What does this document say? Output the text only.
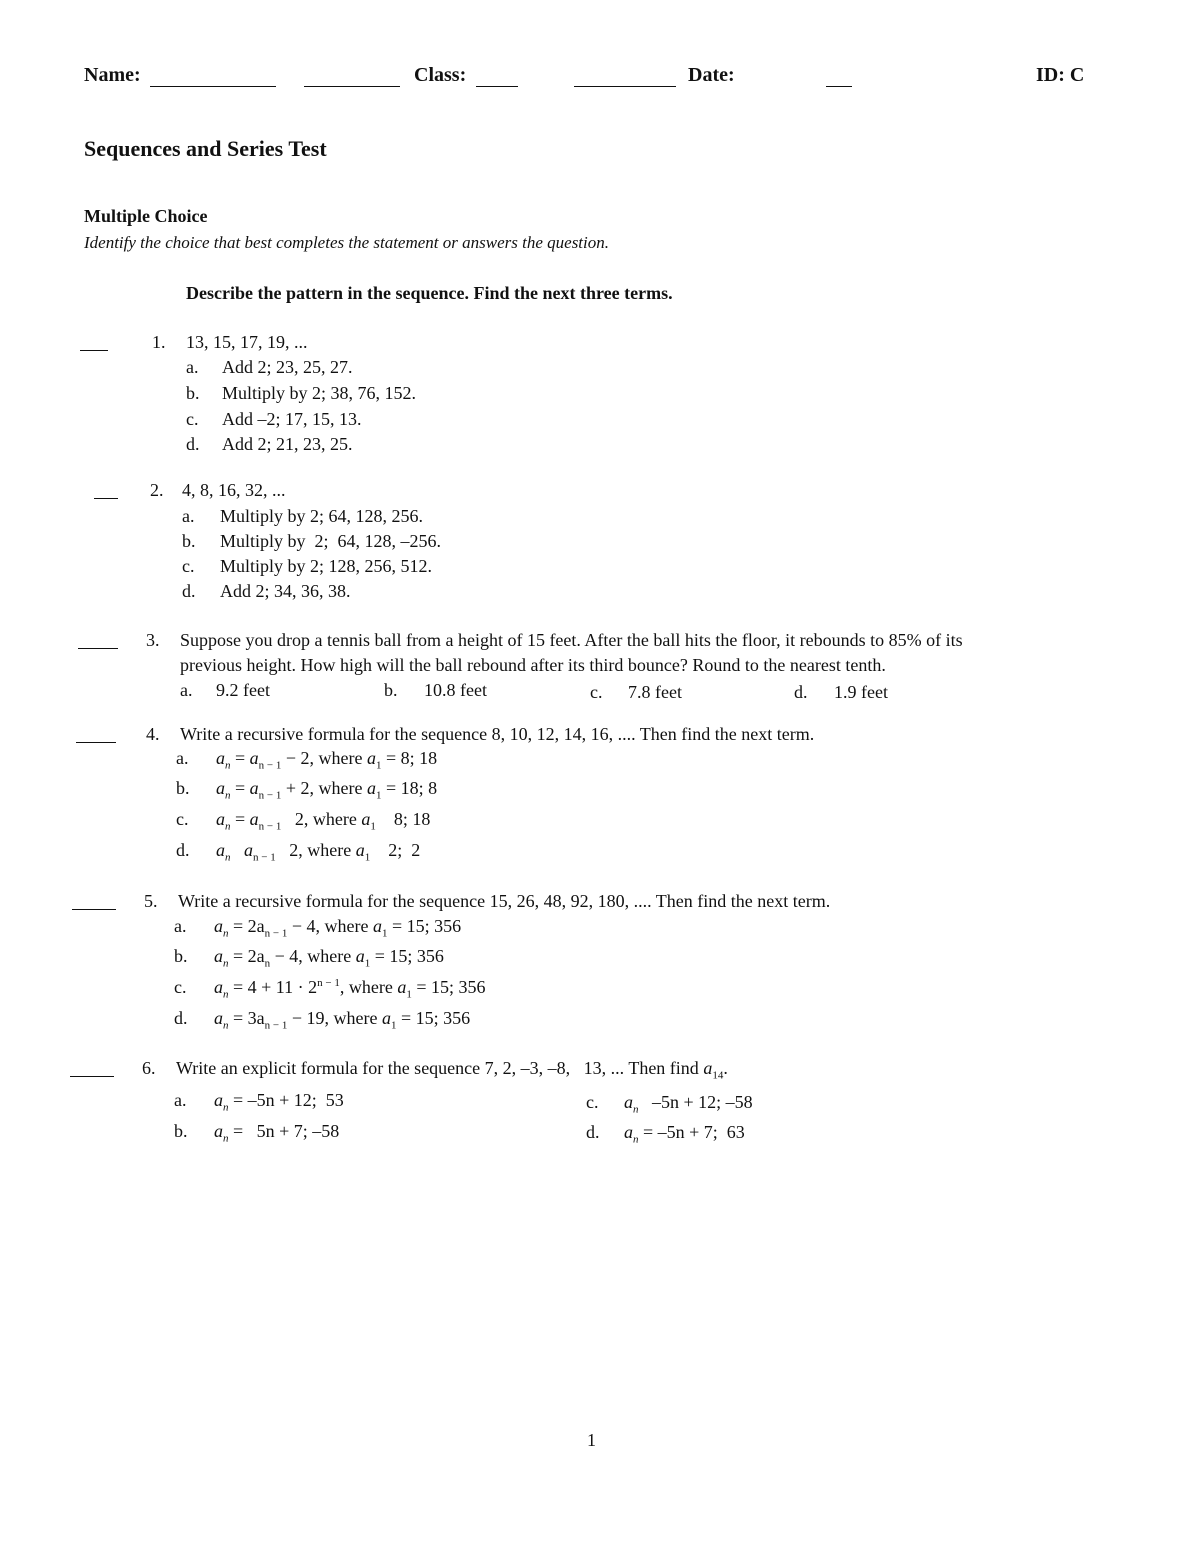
Name:
	Class:
	Date:	ID: C
Sequences and Series Test
Multiple Choice
Identify the choice that best completes the statement or answers the question.
Describe the pattern in the sequence. Find the next three terms.
1. 13, 15, 17, 19, ...
a. Add 2; 23, 25, 27.
b. Multiply by 2; 38, 76, 152.
c. Add –2; 17, 15, 13.
d. Add 2; 21, 23, 25.
2. 4, 8, 16, 32, ...
a. Multiply by 2; 64, 128, 256.
b. Multiply by  2;  64, 128, –256.
c. Multiply by 2; 128, 256, 512.
d. Add 2; 34, 36, 38.
3. Suppose you drop a tennis ball from a height of 15 feet. After the ball hits the floor, it rebounds to 85% of its
previous height. How high will the ball rebound after its third bounce? Round to the nearest tenth.
a. 9.2 feet	b. 10.8 feet	c. 7.8 feet	d. 1.9 feet
4. Write a recursive formula for the sequence 8, 10, 12, 14, 16, .... Then find the next term.
a. $a_n = a_{n - 1} - 2$, where $a_1 = 8$; 18
b. $a_n = a_{n - 1} + 2$, where $a_1 = 18$; 8
c. $a_n = a_{n - 1}$   2, where $a_1$    8; 18
d. $a_n$ $a_{n - 1}$   2, where $a_1$    2;  2
5. Write a recursive formula for the sequence 15, 26, 48, 92, 180, .... Then find the next term.
a. $a_n = 2a_{n - 1} - 4$, where $a_1 = 15$; 356
b. $a_n = 2a_n - 4$, where $a_1 = 15$; 356
c. $a_n = 4 + 11 \cdot 2^{n - 1}$, where $a_1 = 15$; 356
d. $a_n = 3a_{n - 1} - 19$, where $a_1 = 15$; 356
6. Write an explicit formula for the sequence 7, 2, –3, –8,   13, ... Then find $a_{14}$.
a. $a_n = -5n + 12$;  53	c. $a_n$   –5n + 12; –58
b. $a_n = 5n + 7$; –58	d. $a_n = -5n + 7$;  63
1
